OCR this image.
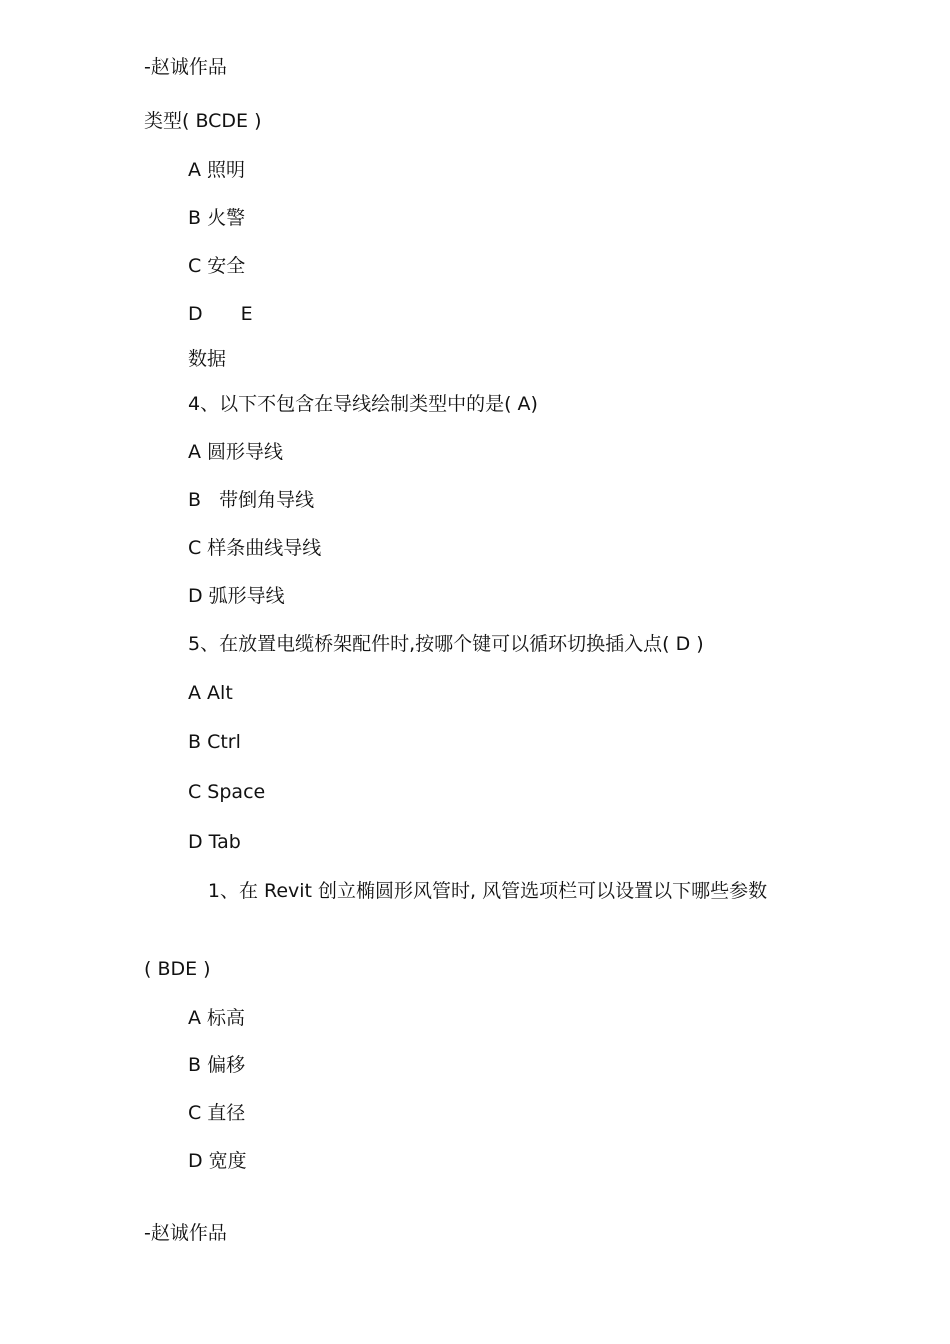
-赵诚作品
类型( BCDE )
A 照明
B 火警
C 安全
D E
数据
4、以下不包含在导线绘制类型中的是( A)
A 圆形导线
B   带倒角导线
C 样条曲线导线
D 弧形导线
5、在放置电缆桥架配件时,按哪个键可以循环切换插入点( D )
A Alt
B Ctrl
C Space
D Tab
1、在 Revit 创立椭圆形风管时, 风管选项栏可以设置以下哪些参数
( BDE )
A 标高
B 偏移
C 直径
D 宽度
-赵诚作品
